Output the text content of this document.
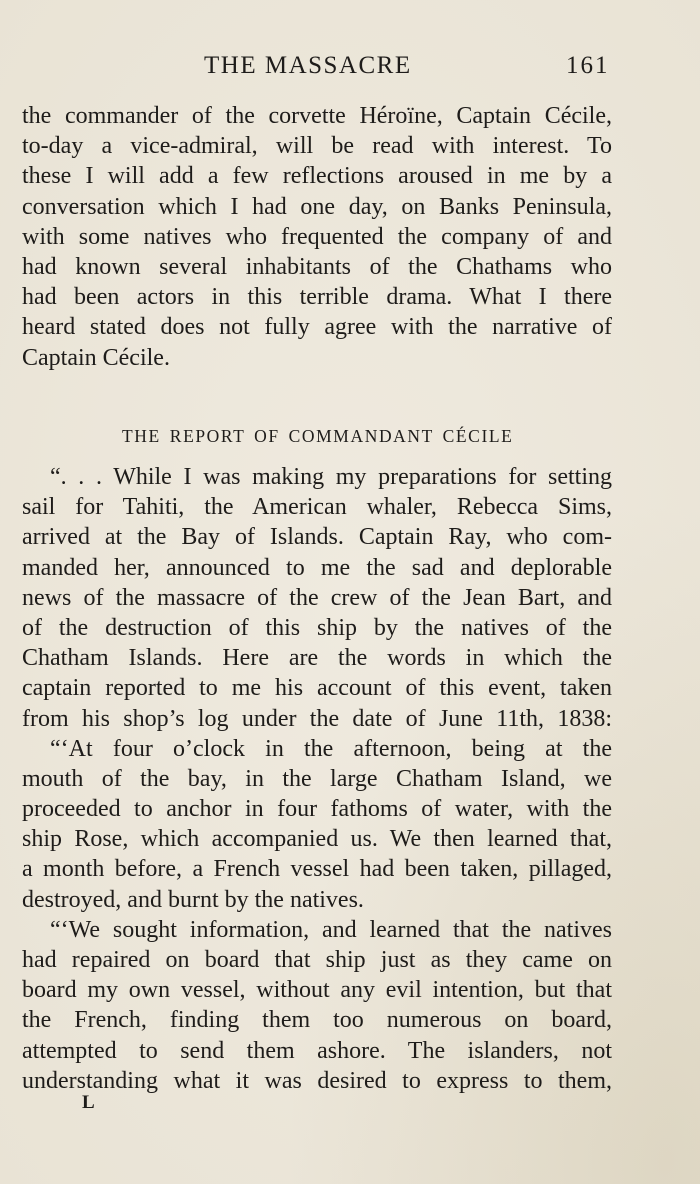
THE MASSACRE	161
the commander of the corvette Héroïne, Captain Cécile,
to-day a vice-admiral, will be read with interest. To
these I will add a few reflections aroused in me by a
conversation which I had one day, on Banks Peninsula,
with some natives who frequented the company of and
had known several inhabitants of the Chathams who
had been actors in this terrible drama. What I there
heard stated does not fully agree with the narrative of
Captain Cécile.
THE REPORT OF COMMANDANT CÉCILE
“. . . While I was making my preparations for setting
sail for Tahiti, the American whaler, Rebecca Sims,
arrived at the Bay of Islands. Captain Ray, who com-
manded her, announced to me the sad and deplorable
news of the massacre of the crew of the Jean Bart, and
of the destruction of this ship by the natives of the
Chatham Islands. Here are the words in which the
captain reported to me his account of this event, taken
from his shop’s log under the date of June 11th, 1838:
“‘At four o’clock in the afternoon, being at the
mouth of the bay, in the large Chatham Island, we
proceeded to anchor in four fathoms of water, with the
ship Rose, which accompanied us. We then learned that,
a month before, a French vessel had been taken, pillaged,
destroyed, and burnt by the natives.
“‘We sought information, and learned that the natives
had repaired on board that ship just as they came on
board my own vessel, without any evil intention, but that
the French, finding them too numerous on board,
attempted to send them ashore. The islanders, not
understanding what it was desired to express to them,
L
